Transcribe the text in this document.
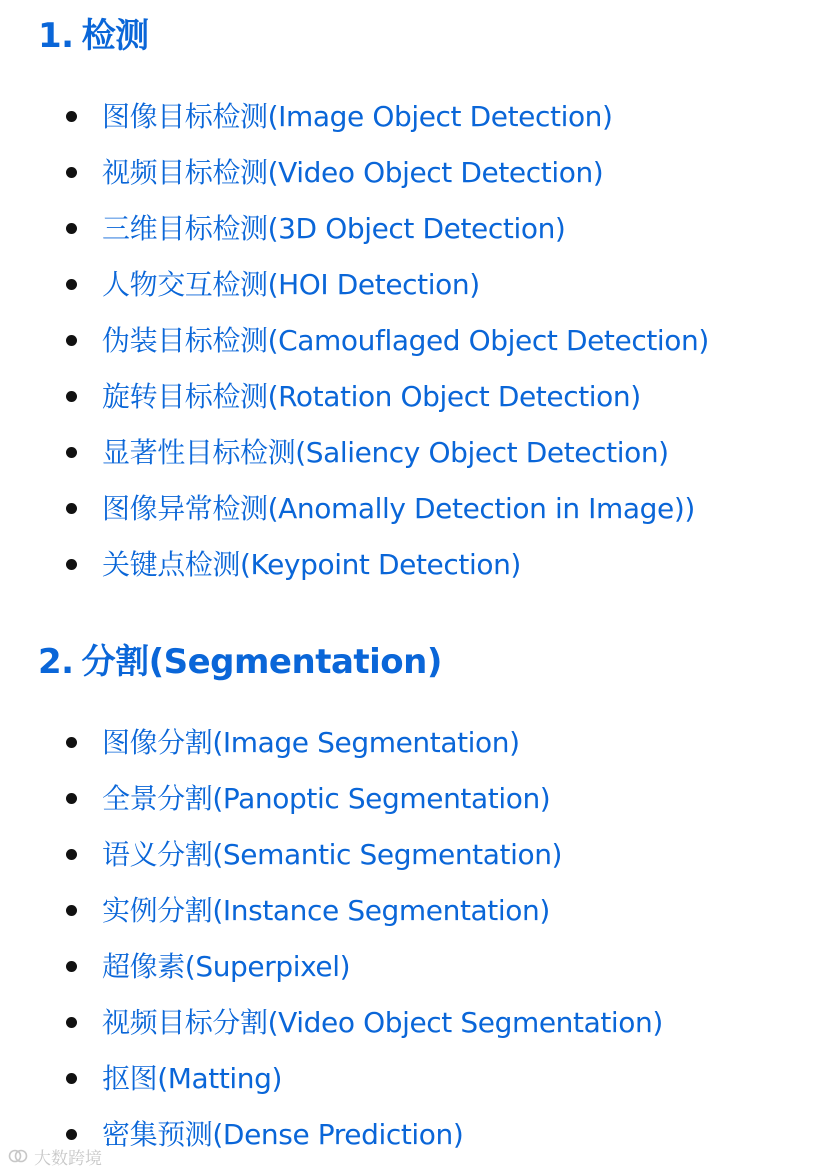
1. 检测
图像目标检测(Image Object Detection)
视频目标检测(Video Object Detection)
三维目标检测(3D Object Detection)
人物交互检测(HOI Detection)
伪装目标检测(Camouflaged Object Detection)
旋转目标检测(Rotation Object Detection)
显著性目标检测(Saliency Object Detection)
图像异常检测(Anomally Detection in Image))
关键点检测(Keypoint Detection)
2. 分割(Segmentation)
图像分割(Image Segmentation)
全景分割(Panoptic Segmentation)
语义分割(Semantic Segmentation)
实例分割(Instance Segmentation)
超像素(Superpixel)
视频目标分割(Video Object Segmentation)
抠图(Matting)
密集预测(Dense Prediction)
大数跨境
